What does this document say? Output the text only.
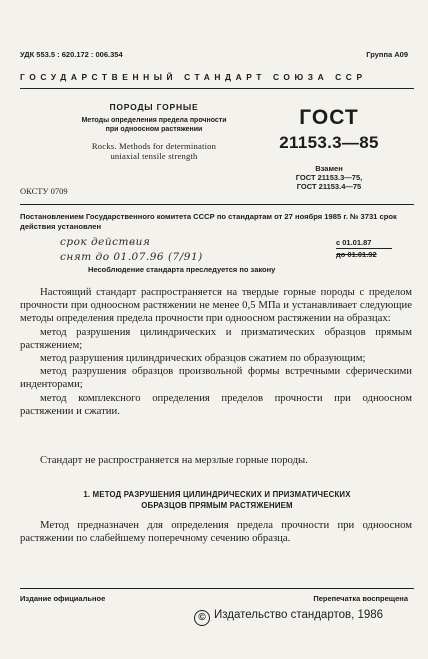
УДК 553.5 : 620.172 : 006.354	Группа А09
ГОСУДАРСТВЕННЫЙ СТАНДАРТ СОЮЗА ССР
ПОРОДЫ ГОРНЫЕ
Методы определения предела прочности
при одноосном растяжении
Rocks. Methods for determination
uniaxial tensile strength
ГОСТ
21153.3—85
Взамен
ГОСТ 21153.3—75,
ГОСТ 21153.4—75
ОКСТУ 0709
Постановлением Государственного комитета СССР по стандартам от 27 ноября 1985 г. № 3731 срок действия установлен
срок действия
снят до 01.07.96 (7/91)
с 01.01.87
до 01.01.92
Несоблюдение стандарта преследуется по закону

Настоящий стандарт распространяется на твердые горные породы с пределом прочности при одноосном растяжении не менее 0,5 МПа и устанавливает следующие методы определения предела прочности при одноосном растяжении на образцах:

метод разрушения цилиндрических и призматических образцов прямым растяжением;

метод разрушения цилиндрических образцов сжатием по образующим;

метод разрушения образцов произвольной формы встречными сферическими инденторами;

метод комплексного определения пределов прочности при одноосном растяжении и сжатии.

Стандарт не распространяется на мерзлые горные породы.

1. МЕТОД РАЗРУШЕНИЯ ЦИЛИНДРИЧЕСКИХ И ПРИЗМАТИЧЕСКИХ
ОБРАЗЦОВ ПРЯМЫМ РАСТЯЖЕНИЕМ

Метод предназначен для определения предела прочности при одноосном растяжении по слабейшему поперечному сечению образца.

Издание официальное	Перепечатка воспрещена
© Издательство стандартов, 1986
